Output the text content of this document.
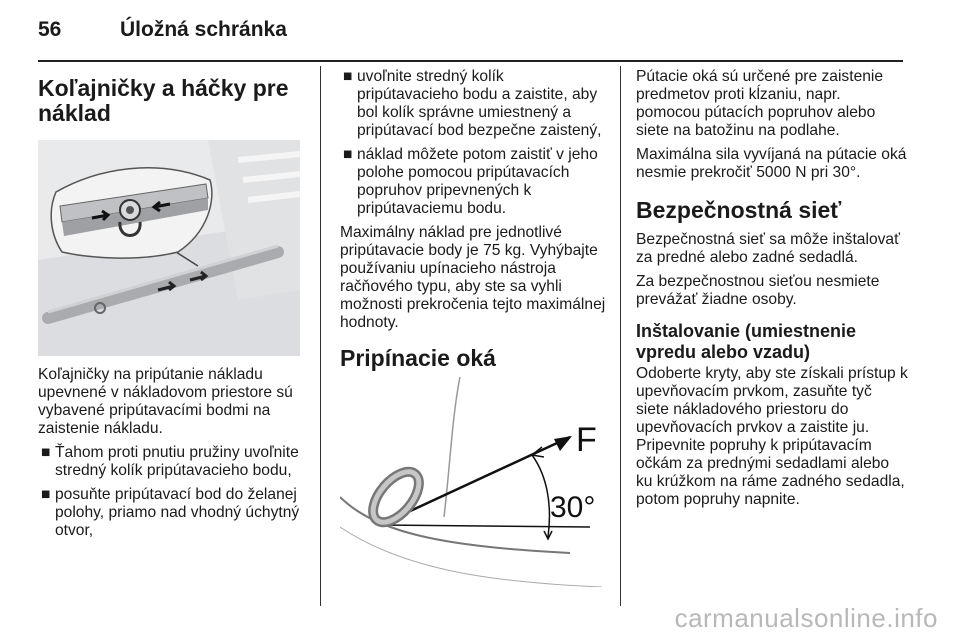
56	Úložná schránka
Koľajničky a háčky pre náklad

Koľajničky na pripútanie nákladu upevnené v nákladovom priestore sú vybavené pripútavacími bodmi na zaistenie nákladu.

■ Ťahom proti pnutiu pružiny uvoľnite stredný kolík pripútavacieho bodu,
■ posuňte pripútavací bod do želanej polohy, priamo nad vhodný úchytný otvor,
■ uvoľnite stredný kolík pripútavacieho bodu a zaistite, aby bol kolík správne umiestnený a pripútavací bod bezpečne zaistený,
■ náklad môžete potom zaistiť v jeho polohe pomocou pripútavacích popruhov pripevnených k pripútavaciemu bodu.

Maximálny náklad pre jednotlivé pripútavacie body je 75 kg. Vyhýbajte používaniu upínacieho nástroja račňového typu, aby ste sa vyhli možnosti prekročenia tejto maximálnej hodnoty.

Pripínacie oká
F
30°

Pútacie oká sú určené pre zaistenie predmetov proti kĺzaniu, napr. pomocou pútacích popruhov alebo siete na batožinu na podlahe.

Maximálna sila vyvíjaná na pútacie oká nesmie prekročiť 5000 N pri 30°.

Bezpečnostná sieť

Bezpečnostná sieť sa môže inštalovať za predné alebo zadné sedadlá.

Za bezpečnostnou sieťou nesmiete prevážať žiadne osoby.

Inštalovanie (umiestnenie vpredu alebo vzadu)

Odoberte kryty, aby ste získali prístup k upevňovacím prvkom, zasuňte tyč siete nákladového priestoru do upevňovacích prvkov a zaistite ju. Pripevnite popruhy k pripútavacím očkám za prednými sedadlami alebo ku krúžkom na ráme zadného sedadla, potom popruhy napnite.

carmanualsonline.info
